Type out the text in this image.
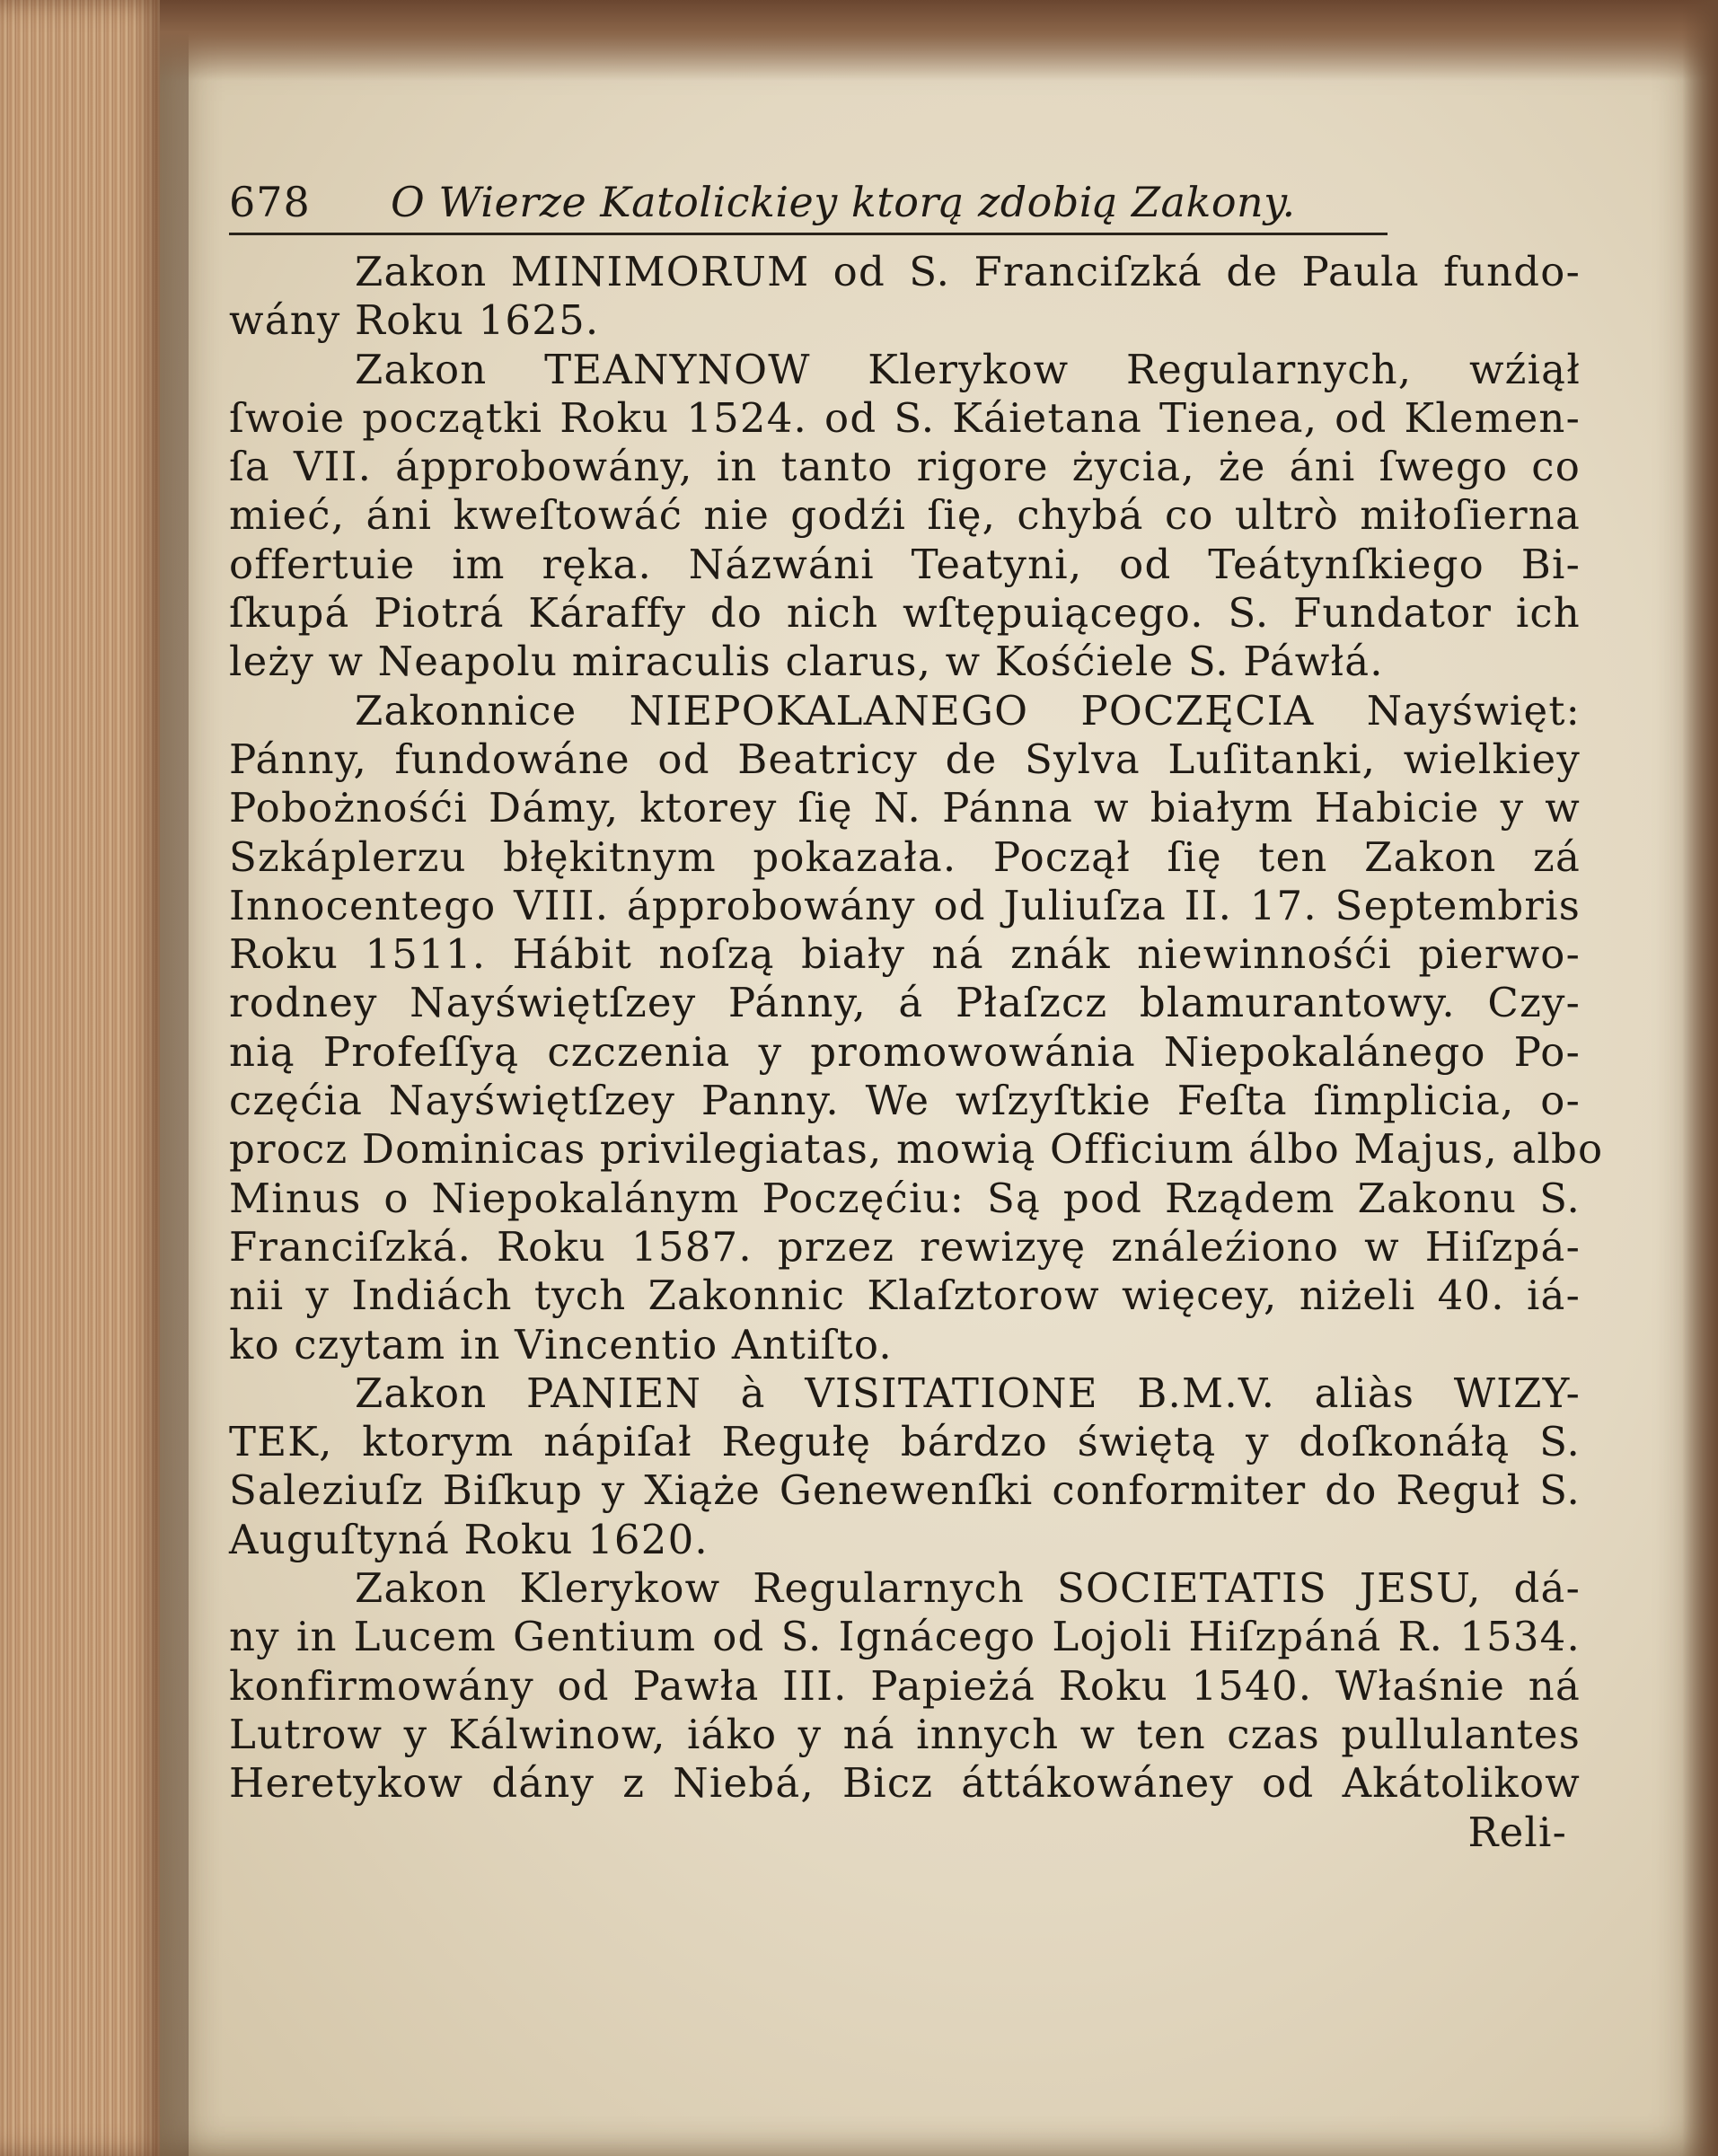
678	O Wierze Katolickiey ktorą zdobią Zakony.
Zakon MINIMORUM od S. Franciſzká de Paula fundo-
wány Roku 1625.
Zakon TEANYNOW Klerykow Regularnych, wźiął
ſwoie początki Roku 1524. od S. Káietana Tienea, od Klemen-
ſa VII. ápprobowány, in tanto rigore życia, że áni ſwego co
mieć, áni kweſtowáć nie godźi ſię, chybá co ultrò miłoſierna
offertuie im ręka. Názwáni Teatyni, od Teátynſkiego Bi-
ſkupá Piotrá Káraffy do nich wſtępuiącego. S. Fundator ich
leży w Neapolu miraculis clarus, w Kośćiele S. Páwłá.
Zakonnice NIEPOKALANEGO POCZĘCIA Nayświęt:
Pánny, fundowáne od Beatricy de Sylva Luſitanki, wielkiey
Pobożnośći Dámy, ktorey ſię N. Pánna w białym Habicie y w
Szkáplerzu błękitnym pokazała. Począł ſię ten Zakon zá
Innocentego VIII. ápprobowány od Juliuſza II. 17. Septembris
Roku 1511. Hábit noſzą biały ná znák niewinnośći pierwo-
rodney Nayświętſzey Pánny, á Płaſzcz blamurantowy. Czy-
nią Profeſſyą czczenia y promowowánia Niepokalánego Po-
częćia Nayświętſzey Panny. We wſzyſtkie Feſta ſimplicia, o-
procz Dominicas privilegiatas, mowią Officium álbo Majus, albo
Minus o Niepokalánym Poczęćiu: Są pod Rządem Zakonu S.
Franciſzká. Roku 1587. przez rewizyę ználeźiono w Hiſzpá-
nii y Indiách tych Zakonnic Klaſztorow więcey, niżeli 40. iá-
ko czytam in Vincentio Antiſto.
Zakon PANIEN à VISITATIONE B.M.V. aliàs WIZY-
TEK, ktorym nápiſał Regułę bárdzo świętą y doſkonáłą S.
Saleziuſz Biſkup y Xiąże Genewenſki conformiter do Reguł S.
Auguſtyná Roku 1620.
Zakon Klerykow Regularnych SOCIETATIS JESU, dá-
ny in Lucem Gentium od S. Ignácego Lojoli Hiſzpáná R. 1534.
konfirmowány od Pawła III. Papieżá Roku 1540. Właśnie ná
Lutrow y Kálwinow, iáko y ná innych w ten czas pullulantes
Heretykow dány z Niebá, Bicz áttákowáney od Akátolikow
Reli-
